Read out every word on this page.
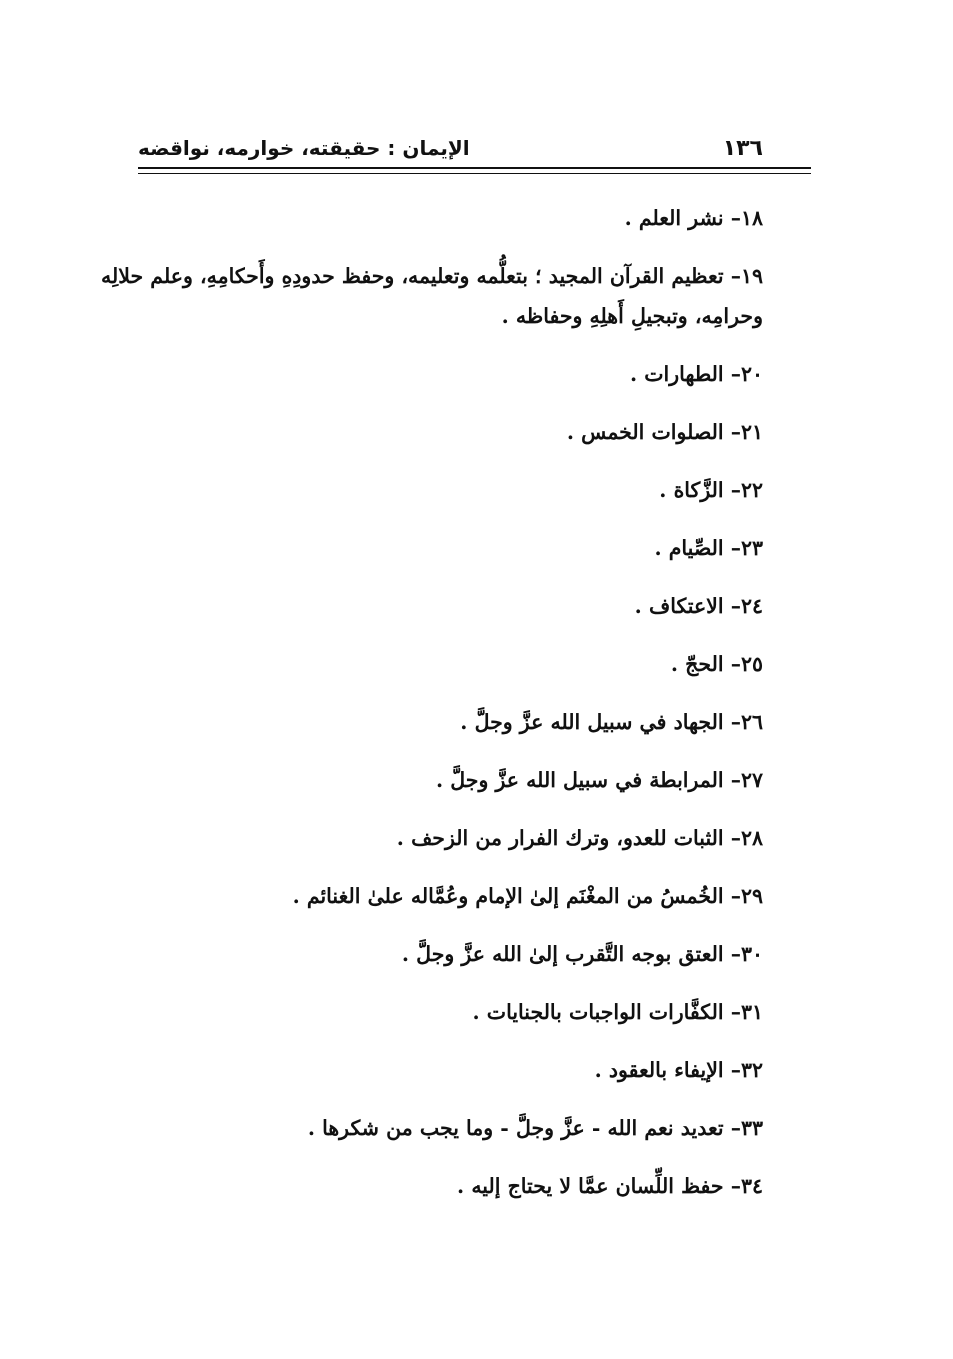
١٣٦
الإيمان : حقيقته، خوارمه، نواقضه
١٨– نشر العلم .
١٩– تعظيم القرآن المجيد ؛ بتعلُّمه وتعليمه، وحفظ حدودِهِ وأَحكامِهِ، وعلم حلالِه وحرامِه، وتبجيلِ أَهلِهِ وحفاظه .
٢٠– الطهارات .
٢١– الصلوات الخمس .
٢٢– الزَّكاة .
٢٣– الصِّيام .
٢٤– الاعتكاف .
٢٥– الحجّ .
٢٦– الجهاد في سبيل الله عزَّ وجلَّ .
٢٧– المرابطة في سبيل الله عزَّ وجلَّ .
٢٨– الثبات للعدو، وترك الفرار من الزحف .
٢٩– الخُمسُ من المغْنَم إلىٰ الإمام وعُمَّاله علىٰ الغنائم .
٣٠– العتق بوجه التَّقرب إلىٰ الله عزَّ وجلَّ .
٣١– الكفَّارات الواجبات بالجنايات .
٣٢– الإيفاء بالعقود .
٣٣– تعديد نعم الله - عزَّ وجلَّ - وما يجب من شكرها .
٣٤– حفظ اللِّسان عمَّا لا يحتاج إليه .
